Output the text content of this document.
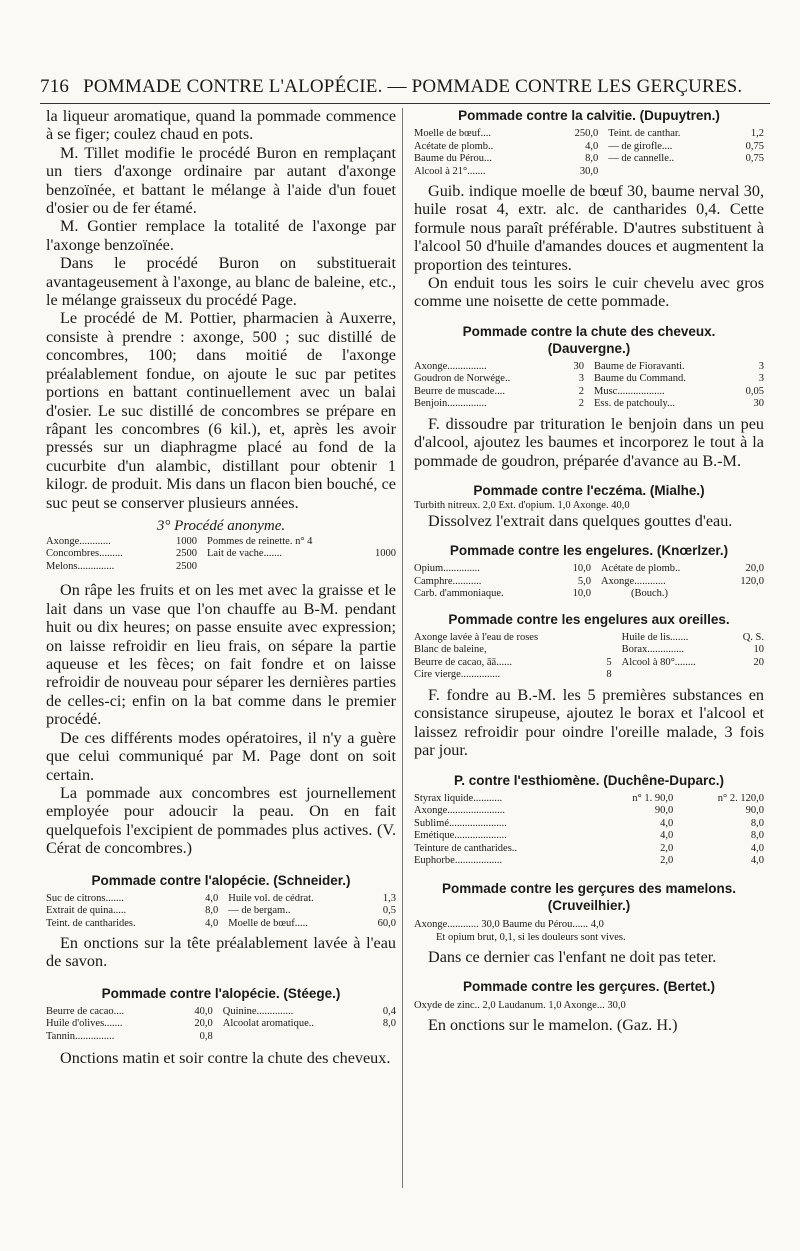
716 POMMADE CONTRE L'ALOPÉCIE. — POMMADE CONTRE LES GERÇURES.

la liqueur aromatique, quand la pommade commence à se figer; coulez chaud en pots.

M. Tillet modifie le procédé Buron en remplaçant un tiers d'axonge ordinaire par autant d'axonge benzoïnée, et battant le mélange à l'aide d'un fouet d'osier ou de fer étamé.

M. Gontier remplace la totalité de l'axonge par l'axonge benzoïnée.

Dans le procédé Buron on substituerait avantageusement à l'axonge, au blanc de baleine, etc., le mélange graisseux du procédé Page.

Le procédé de M. Pottier, pharmacien à Auxerre, consiste à prendre : axonge, 500 ; suc distillé de concombres, 100; dans moitié de l'axonge préalablement fondue, on ajoute le suc par petites portions en battant continuellement avec un balai d'osier. Le suc distillé de concombres se prépare en râpant les concombres (6 kil.), et, après les avoir pressés sur un diaphragme placé au fond de la cucurbite d'un alambic, distillant pour obtenir 1 kilogr. de produit. Mis dans un flacon bien bouché, ce suc peut se conserver plusieurs années.

3° Procédé anonyme.

Axonge............	1000	Pommes de reinette. n° 4	
Concombres.........	2500	Lait de vache.......	1000
Melons..............	2500		

On râpe les fruits et on les met avec la graisse et le lait dans un vase que l'on chauffe au B-M. pendant huit ou dix heures; on passe ensuite avec expression; on laisse refroidir en lieu frais, on sépare la partie aqueuse et les fèces; on fait fondre et on laisse refroidir de nouveau pour séparer les dernières parties de celles-ci; enfin on la bat comme dans le premier procédé.

De ces différents modes opératoires, il n'y a guère que celui communiqué par M. Page dont on soit certain.

La pommade aux concombres est journellement employée pour adoucir la peau. On en fait quelquefois l'excipient de pommades plus actives. (V. Cérat de concombres.)

Pommade contre l'alopécie. (Schneider.)
Suc de citrons.......	4,0	Huile vol. de cédrat.	1,3
Extrait de quina.....	8,0	— de bergam..	0,5
Teint. de cantharides.	4,0	Moelle de bœuf.....	60,0

En onctions sur la tête préalablement lavée à l'eau de savon.

Pommade contre l'alopécie. (Stéege.)
Beurre de cacao....	40,0	Quinine..............	0,4
Huile d'olives.......	20,0	Alcoolat aromatique..	8,0
Tannin...............	0,8		

Onctions matin et soir contre la chute des cheveux.

Pommade contre la calvitie. (Dupuytren.)
Moelle de bœuf....	250,0	Teint. de canthar.	1,2
Acétate de plomb..	4,0	— de girofle....	0,75
Baume du Pérou...	8,0	— de cannelle..	0,75
Alcool à 21°.......	30,0		

Guib. indique moelle de bœuf 30, baume nerval 30, huile rosat 4, extr. alc. de cantharides 0,4. Cette formule nous paraît préférable. D'autres substituent à l'alcool 50 d'huile d'amandes douces et augmentent la proportion des teintures.

On enduit tous les soirs le cuir chevelu avec gros comme une noisette de cette pommade.

Pommade contre la chute des cheveux.
(Dauvergne.)
Axonge...............	30	Baume de Fioravanti.	3
Goudron de Norwége..	3	Baume du Command.	3
Beurre de muscade....	2	Musc..................	0,05
Benjoin...............	2	Ess. de patchouly...	30

F. dissoudre par trituration le benjoin dans un peu d'alcool, ajoutez les baumes et incorporez le tout à la pommade de goudron, préparée d'avance au B.-M.

Pommade contre l'eczéma. (Mialhe.)
Turbith nitreux. 2,0 Ext. d'opium. 1,0 Axonge. 40,0

Dissolvez l'extrait dans quelques gouttes d'eau.

Pommade contre les engelures. (Knœrlzer.)
Opium..............	10,0	Acétate de plomb..	20,0
Camphre...........	5,0	Axonge............	120,0
Carb. d'ammoniaque.	10,0	(Bouch.)	
Pommade contre les engelures aux oreilles.
Axonge lavée à l'eau de roses		Huile de lis.......	Q. S.
Blanc de baleine,		Borax..............	10
Beurre de cacao, āā......	5	Alcool à 80°........	20
Cire vierge...............	8		

F. fondre au B.-M. les 5 premières substances en consistance sirupeuse, ajoutez le borax et l'alcool et laissez refroidir pour oindre l'oreille malade, 3 fois par jour.

P. contre l'esthiomène. (Duchêne-Duparc.)
Styrax liquide...........	n° 1. 90,0	n° 2. 120,0
Axonge......................	90,0	90,0
Sublimé......................	4,0	8,0
Emétique....................	4,0	8,0
Teinture de cantharides..	2,0	4,0
Euphorbe..................	2,0	4,0
Pommade contre les gerçures des mamelons.
(Cruveilhier.)
Axonge............ 30,0 Baume du Pérou...... 4,0
Et opium brut, 0,1, si les douleurs sont vives.

Dans ce dernier cas l'enfant ne doit pas teter.

Pommade contre les gerçures. (Bertet.)
Oxyde de zinc.. 2,0 Laudanum. 1,0 Axonge... 30,0

En onctions sur le mamelon. (Gaz. H.)
